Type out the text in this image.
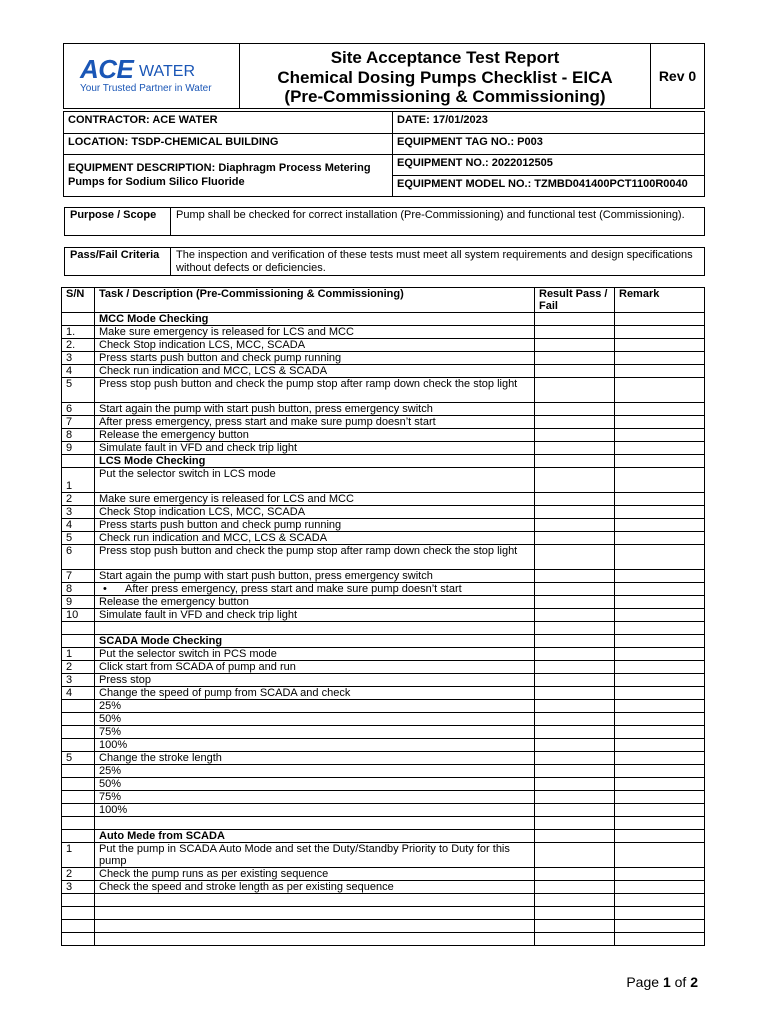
ACE WATER
Your Trusted Partner in Water
Site Acceptance Test Report
Chemical Dosing Pumps Checklist - EICA
(Pre-Commissioning & Commissioning)
Rev 0
CONTRACTOR: ACE WATER	DATE: 17/01/2023
LOCATION: TSDP-CHEMICAL BUILDING	EQUIPMENT TAG NO.: P003
EQUIPMENT DESCRIPTION: Diaphragm Process Metering Pumps for Sodium Silico Fluoride	EQUIPMENT NO.: 2022012505
	EQUIPMENT MODEL NO.: TZMBD041400PCT1100R0040
Purpose / Scope	Pump shall be checked for correct installation (Pre-Commissioning) and functional test (Commissioning).
Pass/Fail Criteria	The inspection and verification of these tests must meet all system requirements and design specifications without defects or deficiencies.
S/N	Task / Description (Pre-Commissioning & Commissioning)	Result Pass / Fail	Remark
	MCC Mode Checking		
1.	Make sure emergency is released for LCS and MCC		
2.	Check Stop indication LCS, MCC, SCADA		
3	Press starts push button and check pump running		
4	Check run indication and MCC, LCS & SCADA		
5	Press stop push button and check the pump stop after ramp down check the stop light		
6	Start again the pump with start push button, press emergency switch		
7	After press emergency, press start and make sure pump doesn’t start		
8	Release the emergency button		
9	Simulate fault in VFD and check trip light		
	LCS Mode Checking		
1	Put the selector switch in LCS mode		
2	Make sure emergency is released for LCS and MCC		
3	Check Stop indication LCS, MCC, SCADA		
4	Press starts push button and check pump running		
5	Check run indication and MCC, LCS & SCADA		
6	Press stop push button and check the pump stop after ramp down check the stop light		
7	Start again the pump with start push button, press emergency switch		
8	• After press emergency, press start and make sure pump doesn’t start		
9	Release the emergency button		
10	Simulate fault in VFD and check trip light		

	SCADA Mode Checking		
1	Put the selector switch in PCS mode		
2	Click start from SCADA of pump and run		
3	Press stop		
4	Change the speed of pump from SCADA and check		
	25%		
	50%		
	75%		
	100%		
5	Change the stroke length		
	25%		
	50%		
	75%		
	100%		

	Auto Mede from SCADA		
1	Put the pump in SCADA Auto Mode and set the Duty/Standby Priority to Duty for this pump		
2	Check the pump runs as per existing sequence		
3	Check the speed and stroke length as per existing sequence		

Page 1 of 2
